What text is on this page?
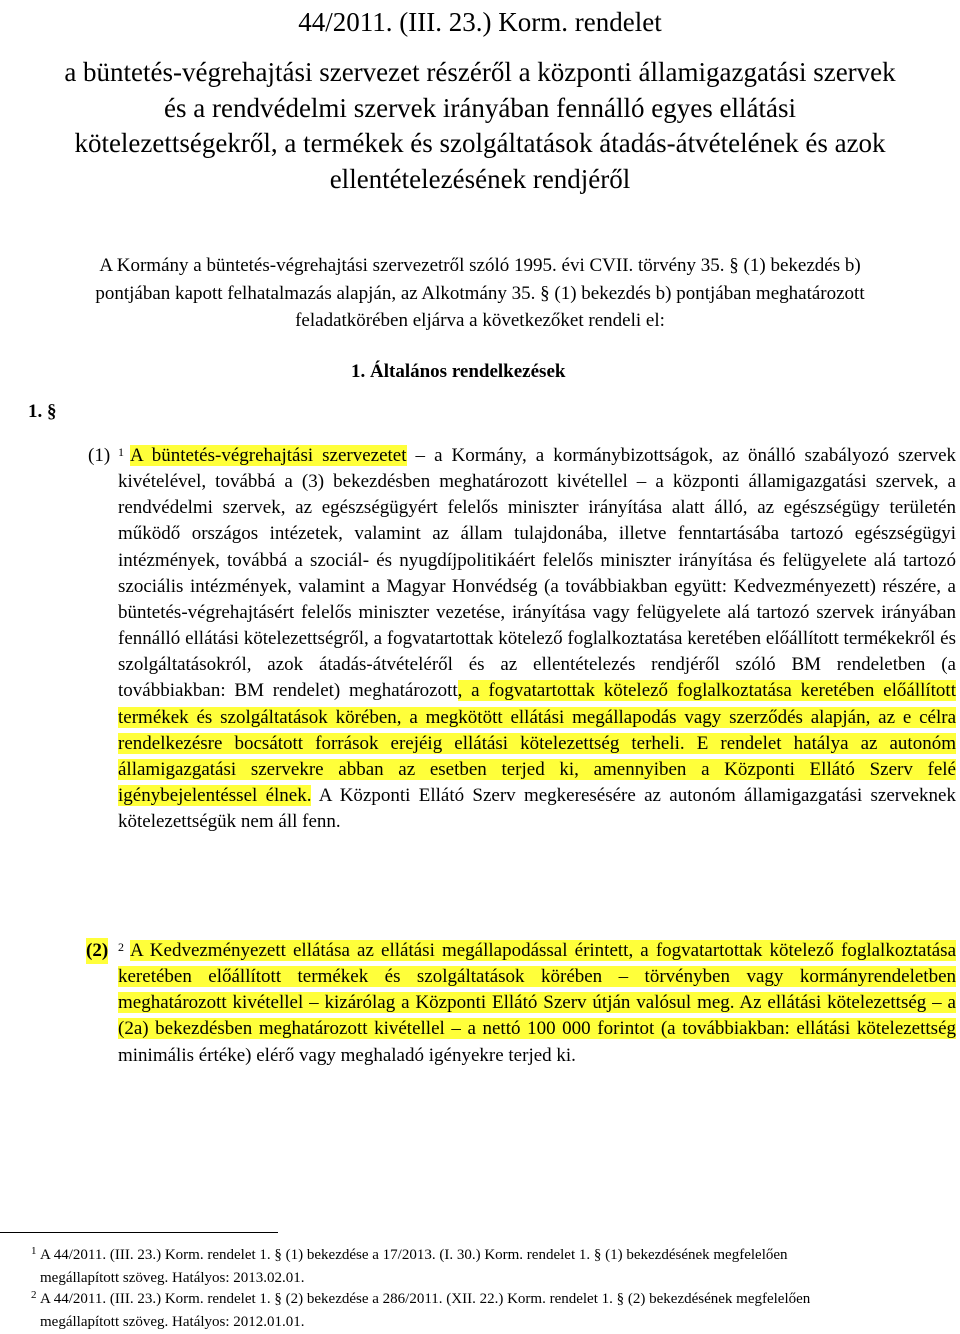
44/2011. (III. 23.) Korm. rendelet
a büntetés-végrehajtási szervezet részéről a központi államigazgatási szervek
és a rendvédelmi szervek irányában fennálló egyes ellátási
kötelezettségekről, a termékek és szolgáltatások átadás-átvételének és azok
ellentételezésének rendjéről
A Kormány a büntetés-végrehajtási szervezetről szóló 1995. évi CVII. törvény 35. § (1) bekezdés b)
pontjában kapott felhatalmazás alapján, az Alkotmány 35. § (1) bekezdés b) pontjában meghatározott
feladatkörében eljárva a következőket rendeli el:
1. Általános rendelkezések
1. §
(1) $^1$ A büntetés-végrehajtási szervezetet – a Kormány, a kormánybizottságok, az önálló szabályozó szervek kivételével, továbbá a (3) bekezdésben meghatározott kivétellel – a központi államigazgatási szervek, a rendvédelmi szervek, az egészségügyért felelős miniszter irányítása alatt álló, az egészségügy területén működő országos intézetek, valamint az állam tulajdonába, illetve fenntartásába tartozó egészségügyi intézmények, továbbá a szociál- és nyugdíjpolitikáért felelős miniszter irányítása és felügyelete alá tartozó szociális intézmények, valamint a Magyar Honvédség (a továbbiakban együtt: Kedvezményezett) részére, a büntetés-végrehajtásért felelős miniszter vezetése, irányítása vagy felügyelete alá tartozó szervek irányában fennálló ellátási kötelezettségről, a fogvatartottak kötelező foglalkoztatása keretében előállított termékekről és szolgáltatásokról, azok átadás-átvételéről és az ellentételezés rendjéről szóló BM rendeletben (a továbbiakban: BM rendelet) meghatározott, a fogvatartottak kötelező foglalkoztatása keretében előállított termékek és szolgáltatások körében, a megkötött ellátási megállapodás vagy szerződés alapján, az e célra rendelkezésre bocsátott források erejéig ellátási kötelezettség terheli. E rendelet hatálya az autonóm államigazgatási szervekre abban az esetben terjed ki, amennyiben a Központi Ellátó Szerv felé igénybejelentéssel élnek. A Központi Ellátó Szerv megkeresésére az autonóm államigazgatási szerveknek kötelezettségük nem áll fenn.
(2) $^2$ A Kedvezményezett ellátása az ellátási megállapodással érintett, a fogvatartottak kötelező foglalkoztatása keretében előállított termékek és szolgáltatások körében – törvényben vagy kormányrendeletben meghatározott kivétellel – kizárólag a Központi Ellátó Szerv útján valósul meg. Az ellátási kötelezettség – a (2a) bekezdésben meghatározott kivétellel – a nettó 100 000 forintot (a továbbiakban: ellátási kötelezettség minimális értéke) elérő vagy meghaladó igényekre terjed ki.
1 A 44/2011. (III. 23.) Korm. rendelet 1. § (1) bekezdése a 17/2013. (I. 30.) Korm. rendelet 1. § (1) bekezdésének megfelelően
megállapított szöveg. Hatályos: 2013.02.01.
2 A 44/2011. (III. 23.) Korm. rendelet 1. § (2) bekezdése a 286/2011. (XII. 22.) Korm. rendelet 1. § (2) bekezdésének megfelelően
megállapított szöveg. Hatályos: 2012.01.01.
